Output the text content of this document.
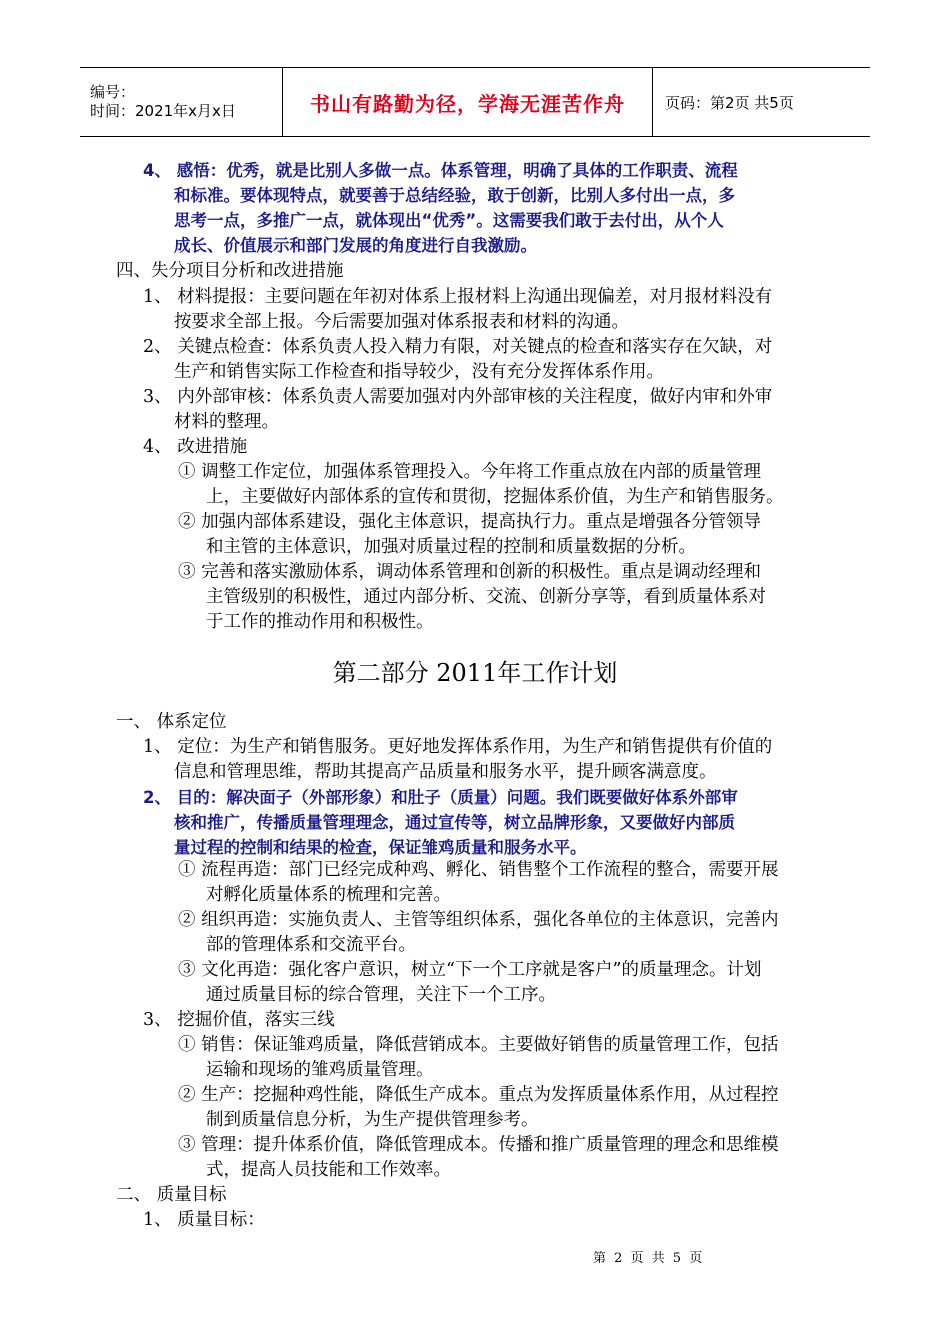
编号：
时间：2021年x月x日	书山有路勤为径，学海无涯苦作舟	页码：第2页 共5页
4、 感悟：优秀，就是比别人多做一点。体系管理，明确了具体的工作职责、流程
和标准。要体现特点，就要善于总结经验，敢于创新，比别人多付出一点，多
思考一点，多推广一点，就体现出“优秀”。这需要我们敢于去付出，从个人
成长、价值展示和部门发展的角度进行自我激励。
四、失分项目分析和改进措施
1、 材料提报：主要问题在年初对体系上报材料上沟通出现偏差，对月报材料没有
按要求全部上报。今后需要加强对体系报表和材料的沟通。
2、 关键点检查：体系负责人投入精力有限，对关键点的检查和落实存在欠缺，对
生产和销售实际工作检查和指导较少，没有充分发挥体系作用。
3、 内外部审核：体系负责人需要加强对内外部审核的关注程度，做好内审和外审
材料的整理。
4、 改进措施
① 调整工作定位，加强体系管理投入。今年将工作重点放在内部的质量管理
上，主要做好内部体系的宣传和贯彻，挖掘体系价值，为生产和销售服务。
② 加强内部体系建设，强化主体意识，提高执行力。重点是增强各分管领导
和主管的主体意识，加强对质量过程的控制和质量数据的分析。
③ 完善和落实激励体系，调动体系管理和创新的积极性。重点是调动经理和
主管级别的积极性，通过内部分析、交流、创新分享等，看到质量体系对
于工作的推动作用和积极性。
一、 体系定位
1、 定位：为生产和销售服务。更好地发挥体系作用，为生产和销售提供有价值的
信息和管理思维，帮助其提高产品质量和服务水平，提升顾客满意度。
2、 目的：解决面子（外部形象）和肚子（质量）问题。我们既要做好体系外部审
核和推广，传播质量管理理念，通过宣传等，树立品牌形象，又要做好内部质
量过程的控制和结果的检查，保证雏鸡质量和服务水平。
① 流程再造：部门已经完成种鸡、孵化、销售整个工作流程的整合，需要开展
对孵化质量体系的梳理和完善。
② 组织再造：实施负责人、主管等组织体系，强化各单位的主体意识，完善内
部的管理体系和交流平台。
③ 文化再造：强化客户意识，树立“下一个工序就是客户”的质量理念。计划
通过质量目标的综合管理，关注下一个工序。
3、 挖掘价值，落实三线
① 销售：保证雏鸡质量，降低营销成本。主要做好销售的质量管理工作，包括
运输和现场的雏鸡质量管理。
② 生产：挖掘种鸡性能，降低生产成本。重点为发挥质量体系作用，从过程控
制到质量信息分析，为生产提供管理参考。
③ 管理：提升体系价值，降低管理成本。传播和推广质量管理的理念和思维模
式，提高人员技能和工作效率。
二、 质量目标
1、 质量目标：
第二部分 2011年工作计划
第 2 页 共 5 页
